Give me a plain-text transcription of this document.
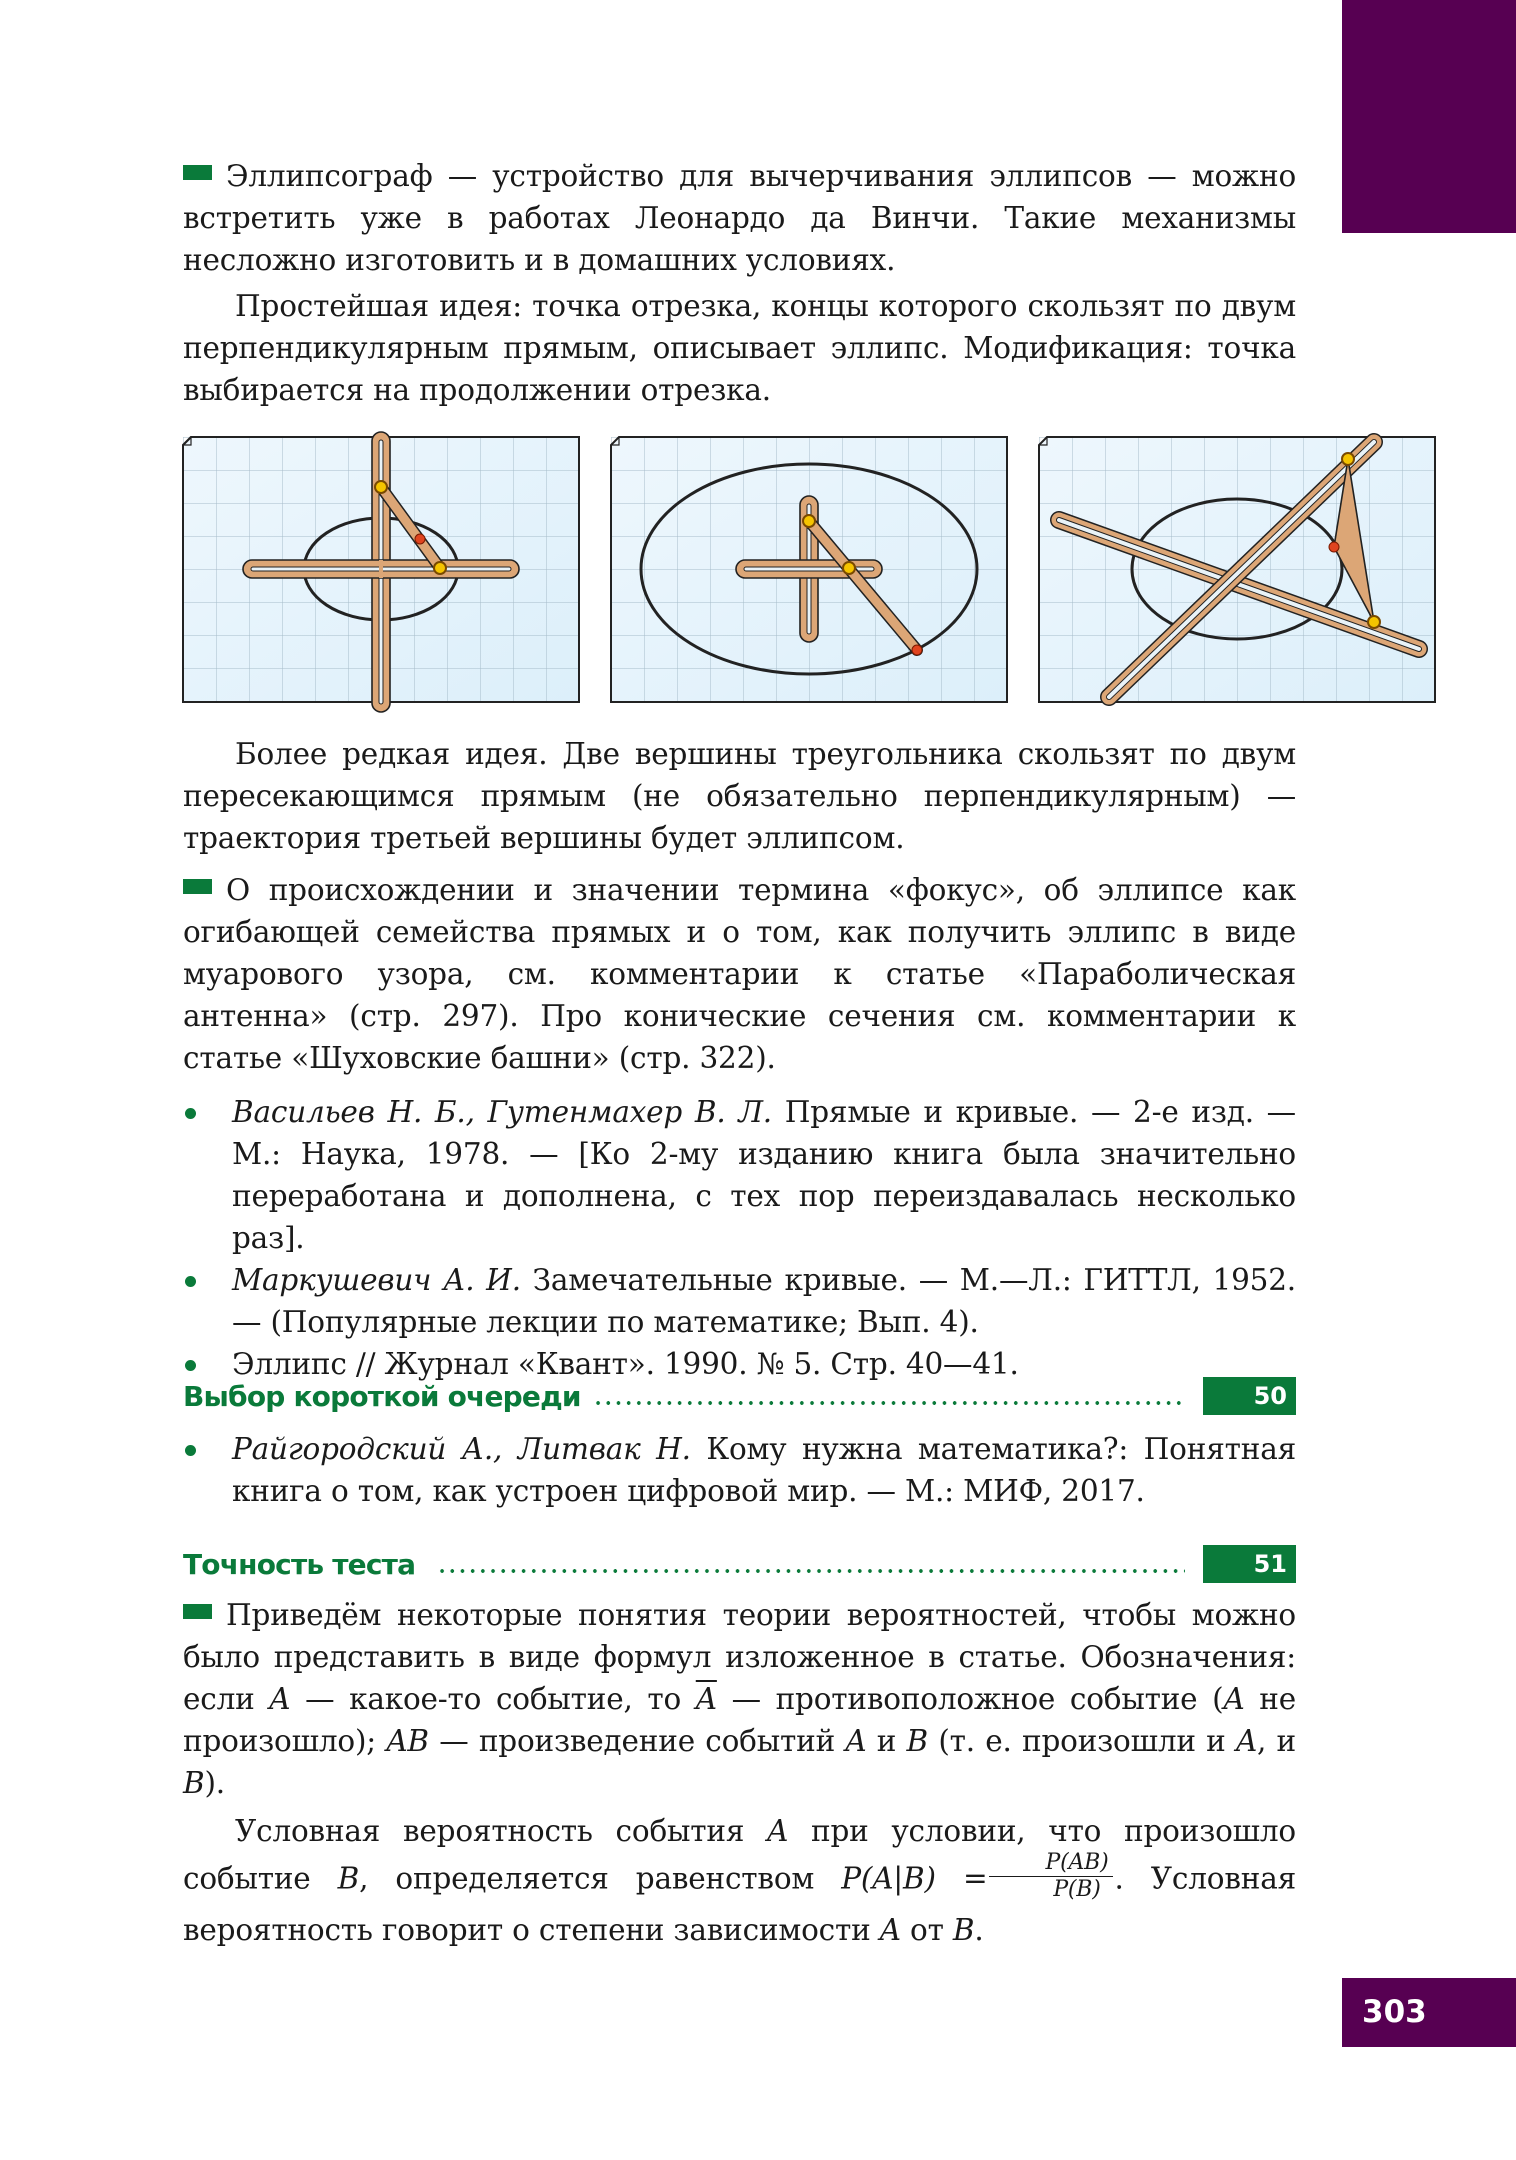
Эллипсограф — устройство для вычерчивания эллипсов — можно встретить уже в работах Леонардо да Винчи. Такие механизмы несложно изготовить и в домашних условиях.

Простейшая идея: точка отрезка, концы которого скользят по двум перпендикулярным прямым, описывает эллипс. Модификация: точка выбирается на продолжении отрезка.

Более редкая идея. Две вершины треугольника скользят по двум пересекающимся прямым (не обязательно перпендикулярным) — траектория третьей вершины будет эллипсом.

О происхождении и значении термина «фокус», об эллипсе как огибающей семейства прямых и о том, как получить эллипс в виде муарового узора, см. комментарии к статье «Параболическая антенна» (стр. 297). Про конические сечения см. комментарии к статье «Шуховские башни» (стр. 322).

Васильев Н. Б., Гутенмахер В. Л. Прямые и кривые. — 2-е изд. — М.: Наука, 1978. — [Ко 2-му изданию книга была значительно переработана и дополнена, с тех пор переиздавалась несколько раз].
Маркушевич А. И. Замечательные кривые. — М.—Л.: ГИТТЛ, 1952. — (Популярные лекции по математике; Вып. 4).
Эллипс // Журнал «Квант». 1990. № 5. Стр. 40—41.
Выбор короткой очереди	50
Райгородский А., Литвак Н. Кому нужна математика?: Понятная книга о том, как устроен цифровой мир. — М.: МИФ, 2017.
Точность теста	51

Приведём некоторые понятия теории вероятностей, чтобы можно было представить в виде формул изложенное в статье. Обозначения: если A — какое-то событие, то $\overline{A}$ — противоположное событие (A не произошло); AB — произведение событий A и B (т. е. произошли и A, и B).

Условная вероятность события A при условии, что произошло событие B, определяется равенством $P(A|B) = \frac{P(AB)}{P(B)}$ . Условная вероятность говорит о степени зависимости A от B.

303
